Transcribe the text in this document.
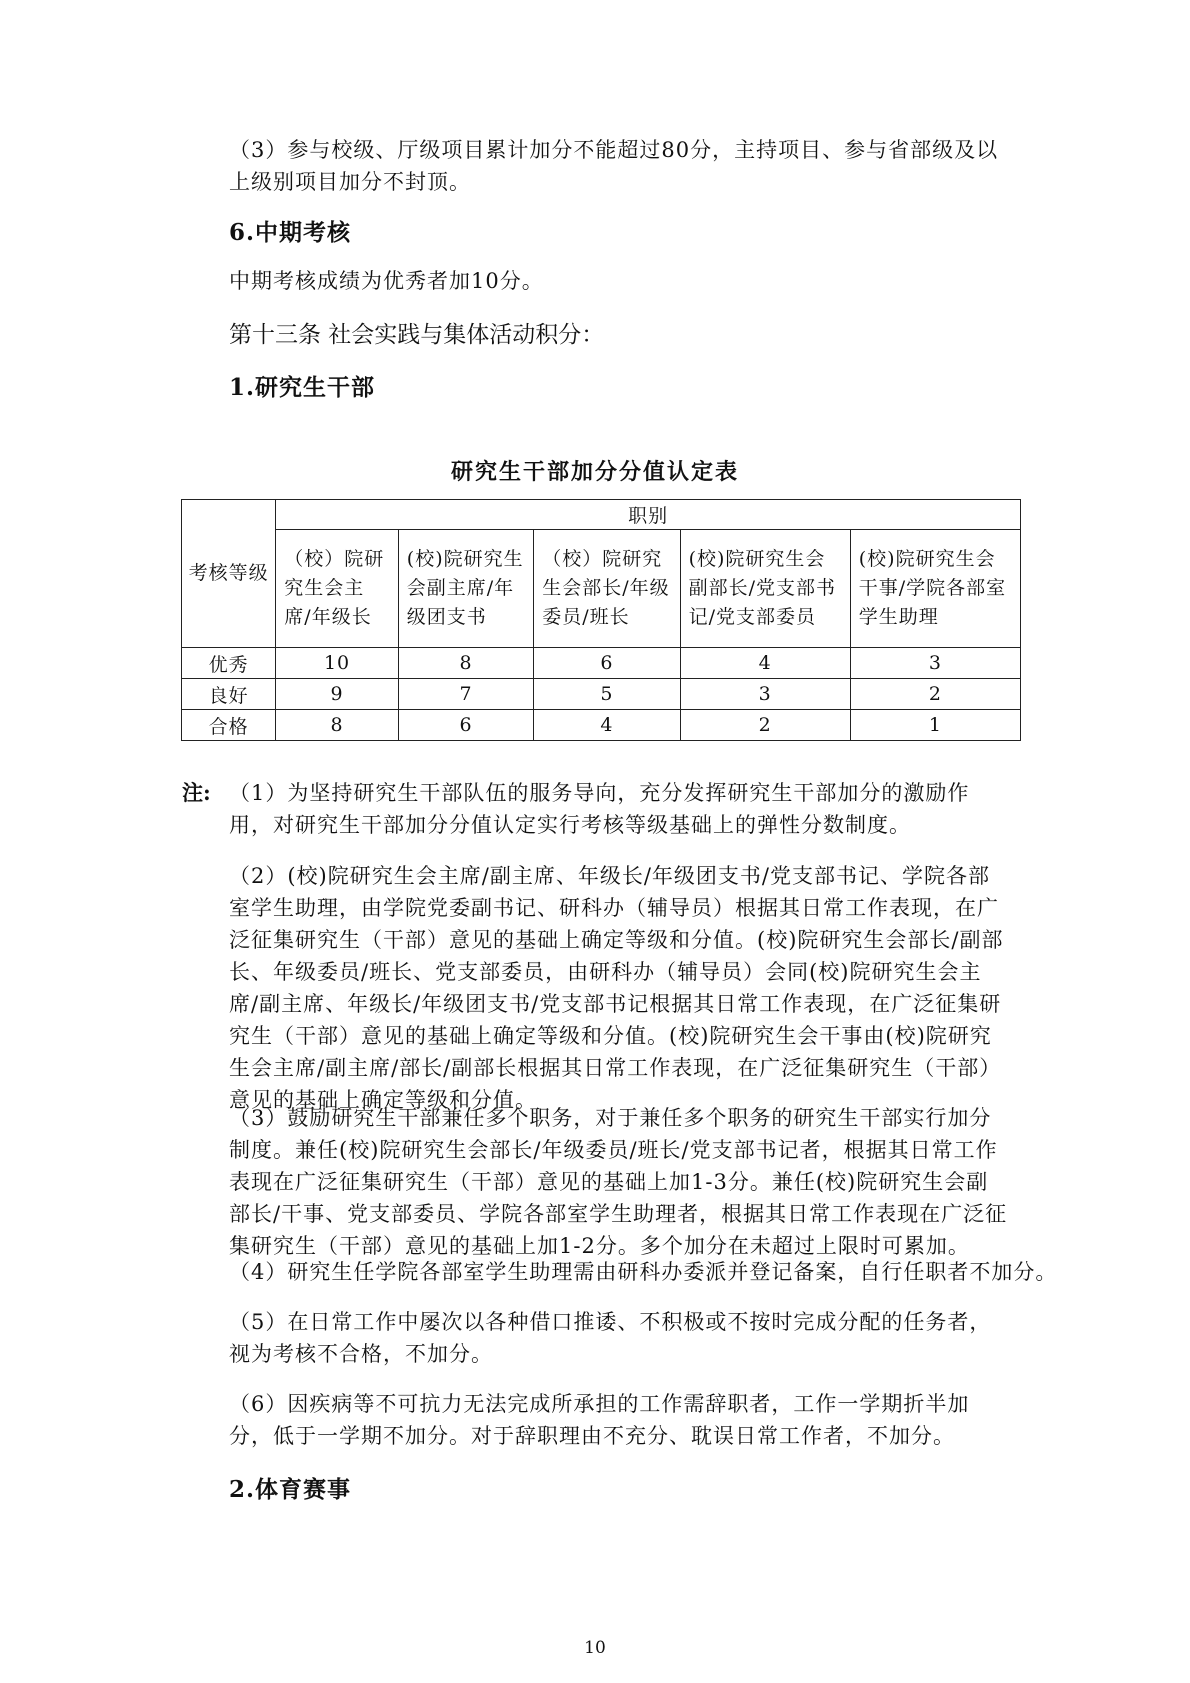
（3）参与校级、厅级项目累计加分不能超过80分，主持项目、参与省部级及以上级别项目加分不封顶。

6.中期考核

中期考核成绩为优秀者加10分。

第十三条 社会实践与集体活动积分：

1.研究生干部

研究生干部加分分值认定表

考核等级	职别				
	（校）院研究生会主席/年级长	(校)院研究生会副主席/年级团支书	（校）院研究生会部长/年级委员/班长	(校)院研究生会副部长/党支部书记/党支部委员	(校)院研究生会干事/学院各部室学生助理
优秀	10	8	6	4	3
良好	9	7	5	3	2
合格	8	6	4	2	1

注: （1）为坚持研究生干部队伍的服务导向，充分发挥研究生干部加分的激励作用，对研究生干部加分分值认定实行考核等级基础上的弹性分数制度。

（2）(校)院研究生会主席/副主席、年级长/年级团支书/党支部书记、学院各部室学生助理，由学院党委副书记、研科办（辅导员）根据其日常工作表现，在广泛征集研究生（干部）意见的基础上确定等级和分值。(校)院研究生会部长/副部长、年级委员/班长、党支部委员，由研科办（辅导员）会同(校)院研究生会主席/副主席、年级长/年级团支书/党支部书记根据其日常工作表现，在广泛征集研究生（干部）意见的基础上确定等级和分值。(校)院研究生会干事由(校)院研究生会主席/副主席/部长/副部长根据其日常工作表现，在广泛征集研究生（干部）意见的基础上确定等级和分值。

（3）鼓励研究生干部兼任多个职务，对于兼任多个职务的研究生干部实行加分制度。兼任(校)院研究生会部长/年级委员/班长/党支部书记者，根据其日常工作表现在广泛征集研究生（干部）意见的基础上加1-3分。兼任(校)院研究生会副部长/干事、党支部委员、学院各部室学生助理者，根据其日常工作表现在广泛征集研究生（干部）意见的基础上加1-2分。多个加分在未超过上限时可累加。

（4）研究生任学院各部室学生助理需由研科办委派并登记备案，自行任职者不加分。

（5）在日常工作中屡次以各种借口推诿、不积极或不按时完成分配的任务者，视为考核不合格，不加分。

（6）因疾病等不可抗力无法完成所承担的工作需辞职者，工作一学期折半加分，低于一学期不加分。对于辞职理由不充分、耽误日常工作者，不加分。

2.体育赛事

10
